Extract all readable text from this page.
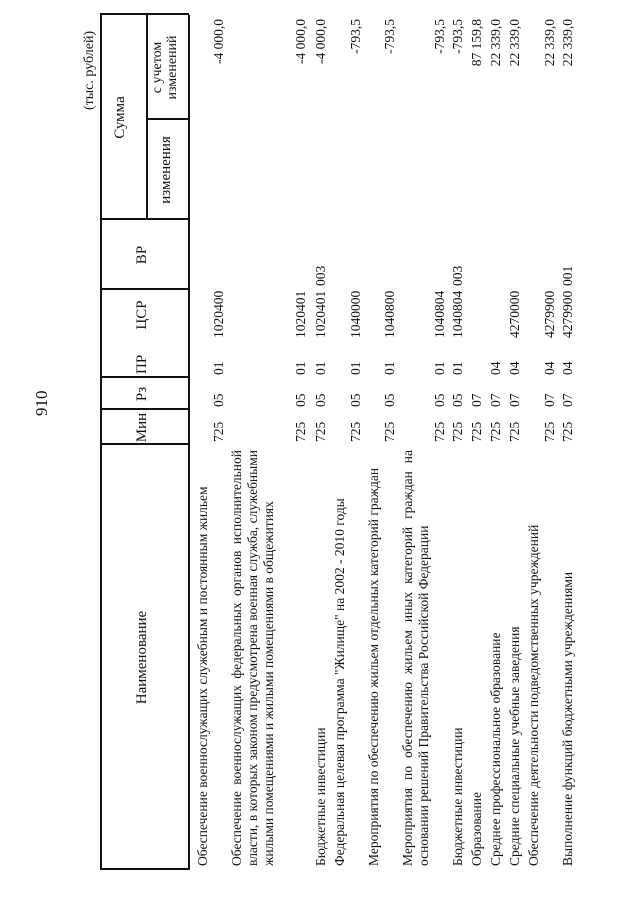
910
(тыс. рублей)
Наименование
Мин
Рз
ПР
ЦСР
ВР
Сумма
изменения
с учетом изменений
Обеспечение военнослужащих служебным и постоянным жильем
725
05
01
1020400
-4 000,0
Обеспечение военнослужащих федеральных органов исполнительной власти, в которых законом предусмотрена военная служба, служебными жилыми помещениями и жилыми помещениями в общежитиях
725
05
01
1020401
-4 000,0
Бюджетные инвестиции
725
05
01
1020401
003
-4 000,0
Федеральная целевая программа "Жилище" на 2002 - 2010 годы
725
05
01
1040000
-793,5
Мероприятия по обеспечению жильем отдельных категорий граждан
725
05
01
1040800
-793,5
Мероприятия по обеспечению жильем иных категорий граждан на основании решений Правительства Российской Федерации
725
05
01
1040804
-793,5
Бюджетные инвестиции
725
05
01
1040804
003
-793,5
Образование
725
07
87 159,8
Среднее профессиональное образование
725
07
04
22 339,0
Средние специальные учебные заведения
725
07
04
4270000
22 339,0
Обеспечение деятельности подведомственных учреждений
725
07
04
4279900
22 339,0
Выполнение функций бюджетными учреждениями
725
07
04
4279900
001
22 339,0
